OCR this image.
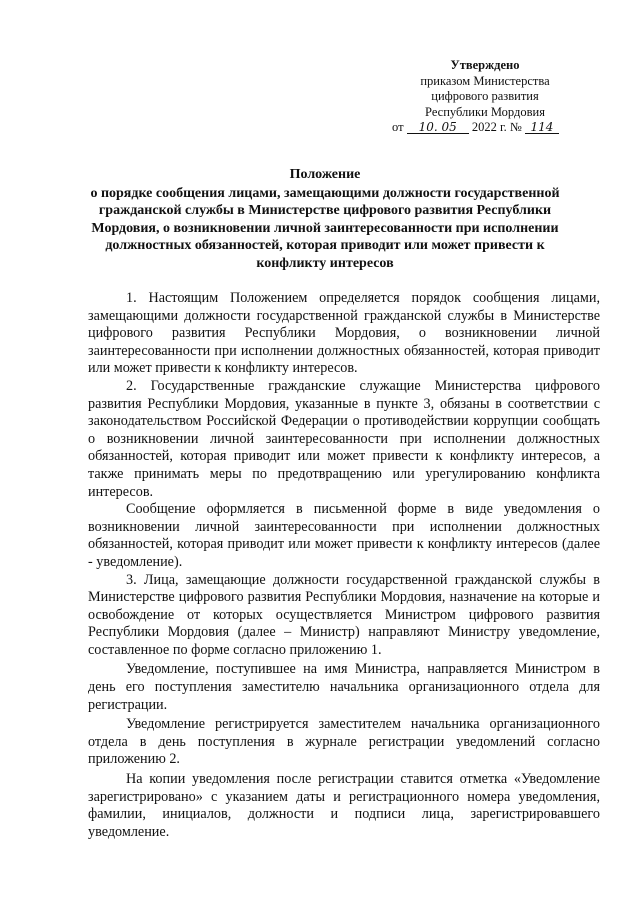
Утверждено
приказом Министерства
цифрового развития
Республики Мордовия
от 10. 05 2022 г. № 114
Положение
о порядке сообщения лицами, замещающими должности государственной гражданской службы в Министерстве цифрового развития Республики Мордовия, о возникновении личной заинтересованности при исполнении должностных обязанностей, которая приводит или может привести к конфликту интересов

1. Настоящим Положением определяется порядок сообщения лицами, замещающими должности государственной гражданской службы в Министерстве цифрового развития Республики Мордовия, о возникновении личной заинтересованности при исполнении должностных обязанностей, которая приводит или может привести к конфликту интересов.

2. Государственные гражданские служащие Министерства цифрового развития Республики Мордовия, указанные в пункте 3, обязаны в соответствии с законодательством Российской Федерации о противодействии коррупции сообщать о возникновении личной заинтересованности при исполнении должностных обязанностей, которая приводит или может привести к конфликту интересов, а также принимать меры по предотвращению или урегулированию конфликта интересов.

Сообщение оформляется в письменной форме в виде уведомления о возникновении личной заинтересованности при исполнении должностных обязанностей, которая приводит или может привести к конфликту интересов (далее - уведомление).

3. Лица, замещающие должности государственной гражданской службы в Министерстве цифрового развития Республики Мордовия, назначение на которые и освобождение от которых осуществляется Министром цифрового развития Республики Мордовия (далее – Министр) направляют Министру уведомление, составленное по форме согласно приложению 1.

Уведомление, поступившее на имя Министра, направляется Министром в день его поступления заместителю начальника организационного отдела для регистрации.

Уведомление регистрируется заместителем начальника организационного отдела в день поступления в журнале регистрации уведомлений согласно приложению 2.

На копии уведомления после регистрации ставится отметка «Уведомление зарегистрировано» с указанием даты и регистрационного номера уведомления, фамилии, инициалов, должности и подписи лица, зарегистрировавшего уведомление.
